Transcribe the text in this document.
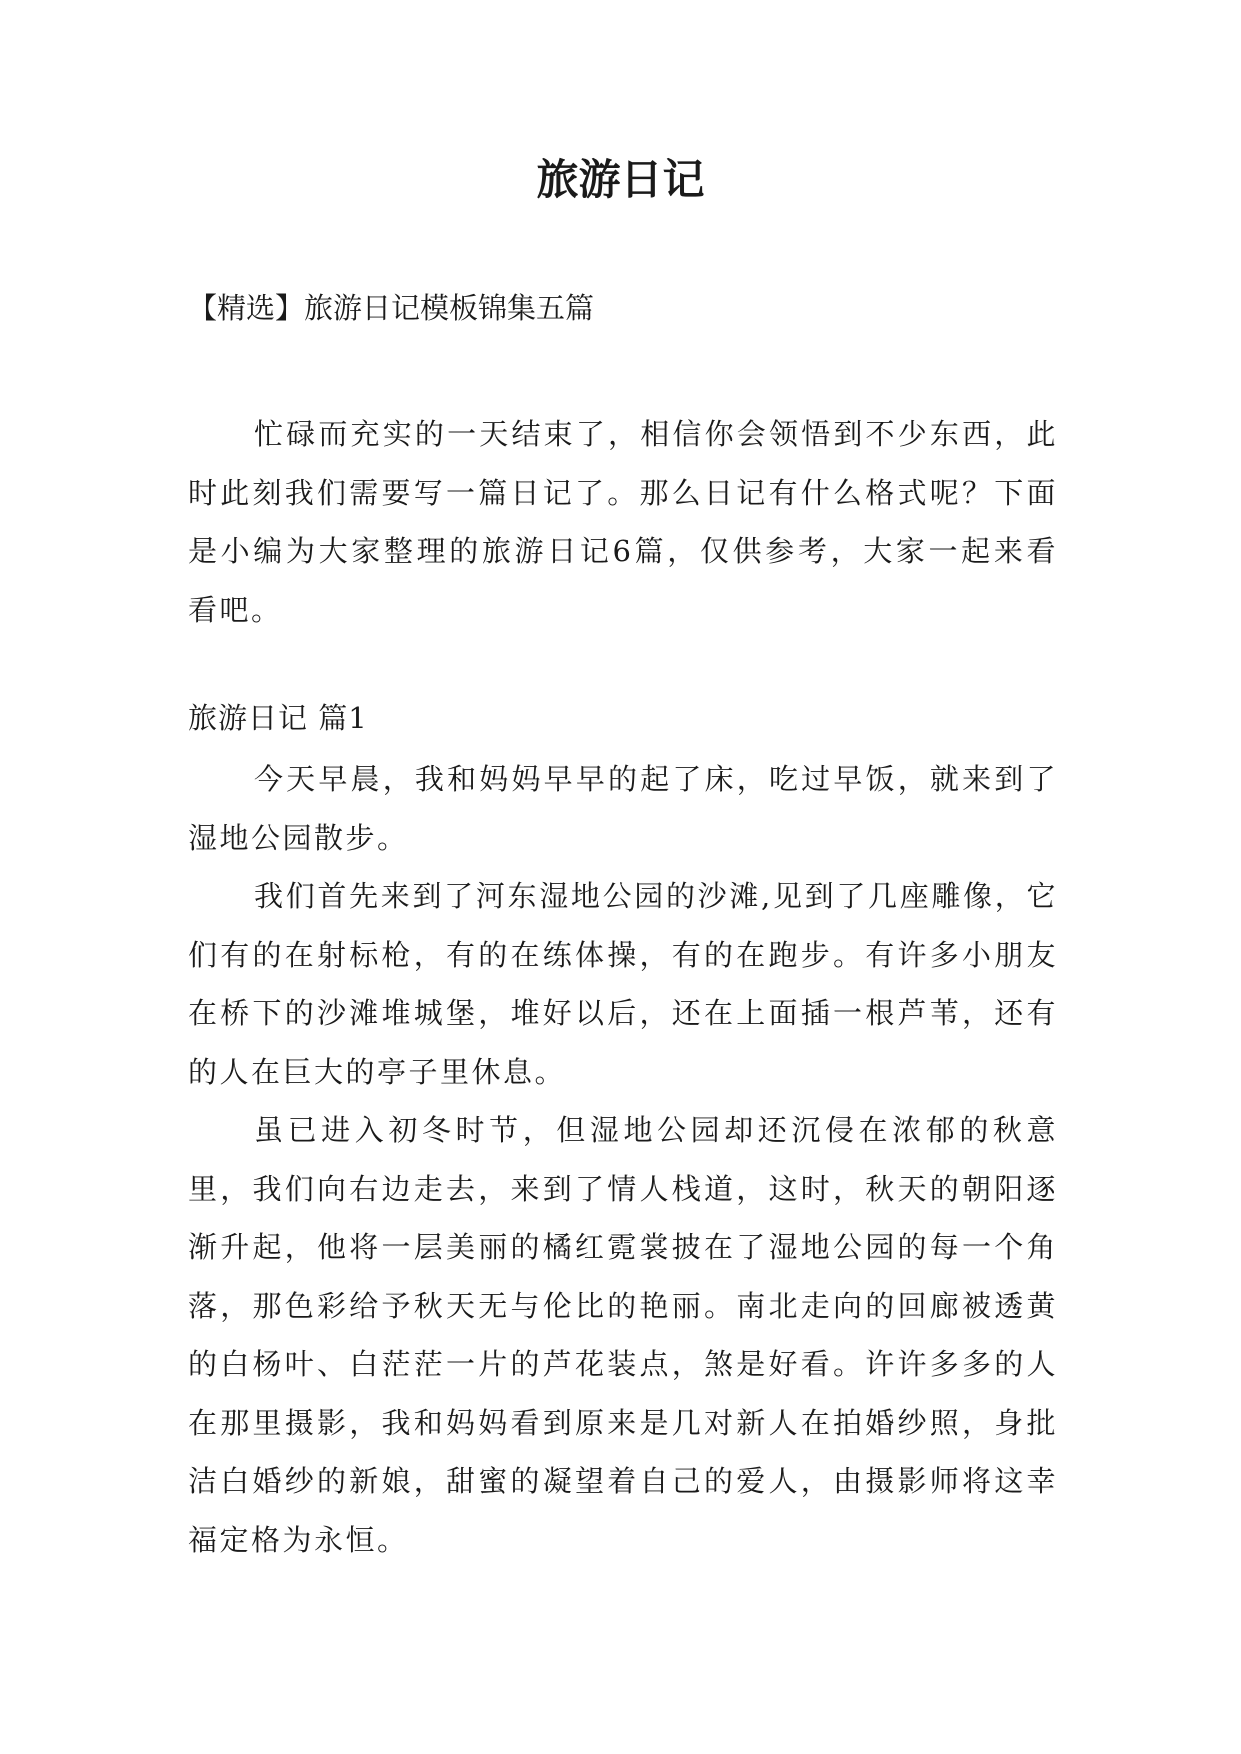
旅游日记

【精选】旅游日记模板锦集五篇

忙碌而充实的一天结束了，相信你会领悟到不少东西，此时此刻我们需要写一篇日记了。那么日记有什么格式呢？下面是小编为大家整理的旅游日记6篇，仅供参考，大家一起来看看吧。

旅游日记 篇1

今天早晨，我和妈妈早早的起了床，吃过早饭，就来到了湿地公园散步。

我们首先来到了河东湿地公园的沙滩,见到了几座雕像，它们有的在射标枪，有的在练体操，有的在跑步。有许多小朋友在桥下的沙滩堆城堡，堆好以后，还在上面插一根芦苇，还有的人在巨大的亭子里休息。

虽已进入初冬时节，但湿地公园却还沉侵在浓郁的秋意里，我们向右边走去，来到了情人栈道，这时，秋天的朝阳逐渐升起，他将一层美丽的橘红霓裳披在了湿地公园的每一个角落，那色彩给予秋天无与伦比的艳丽。南北走向的回廊被透黄的白杨叶、白茫茫一片的芦花装点，煞是好看。许许多多的人在那里摄影，我和妈妈看到原来是几对新人在拍婚纱照，身批洁白婚纱的新娘，甜蜜的凝望着自己的爱人，由摄影师将这幸福定格为永恒。
